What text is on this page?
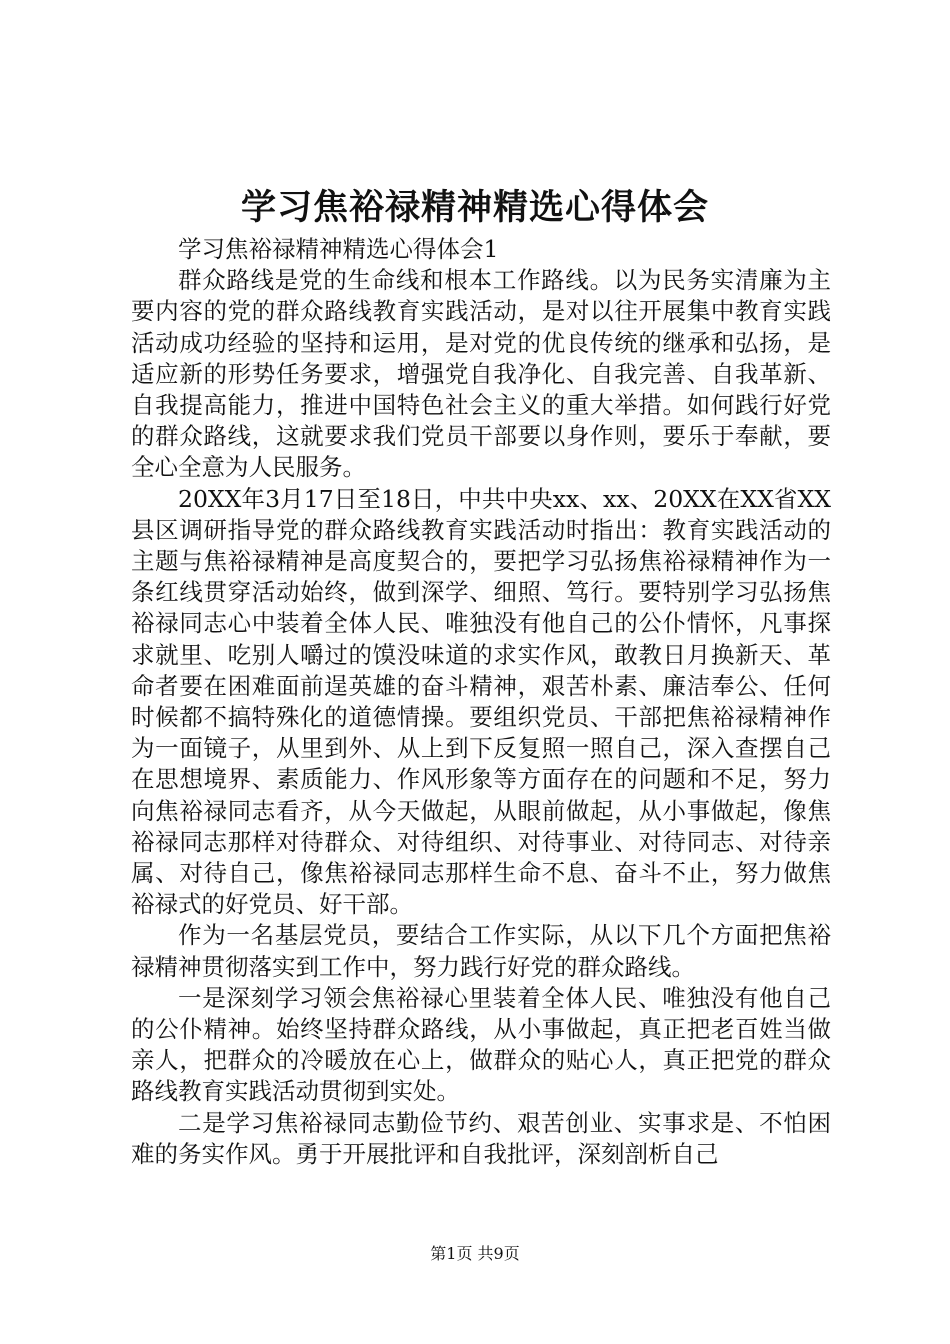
学习焦裕禄精神精选心得体会

学习焦裕禄精神精选心得体会1

群众路线是党的生命线和根本工作路线。以为民务实清廉为主要内容的党的群众路线教育实践活动，是对以往开展集中教育实践活动成功经验的坚持和运用，是对党的优良传统的继承和弘扬，是适应新的形势任务要求，增强党自我净化、自我完善、自我革新、自我提高能力，推进中国特色社会主义的重大举措。如何践行好党的群众路线，这就要求我们党员干部要以身作则，要乐于奉献，要全心全意为人民服务。

20XX年3月17日至18日，中共中央xx、xx、20XX在XX省XX县区调研指导党的群众路线教育实践活动时指出：教育实践活动的主题与焦裕禄精神是高度契合的，要把学习弘扬焦裕禄精神作为一条红线贯穿活动始终，做到深学、细照、笃行。要特别学习弘扬焦裕禄同志心中装着全体人民、唯独没有他自己的公仆情怀，凡事探求就里、吃别人嚼过的馍没味道的求实作风，敢教日月换新天、革命者要在困难面前逞英雄的奋斗精神，艰苦朴素、廉洁奉公、任何时候都不搞特殊化的道德情操。要组织党员、干部把焦裕禄精神作为一面镜子，从里到外、从上到下反复照一照自己，深入查摆自己在思想境界、素质能力、作风形象等方面存在的问题和不足，努力向焦裕禄同志看齐，从今天做起，从眼前做起，从小事做起，像焦裕禄同志那样对待群众、对待组织、对待事业、对待同志、对待亲属、对待自己，像焦裕禄同志那样生命不息、奋斗不止，努力做焦裕禄式的好党员、好干部。

作为一名基层党员，要结合工作实际，从以下几个方面把焦裕禄精神贯彻落实到工作中，努力践行好党的群众路线。

一是深刻学习领会焦裕禄心里装着全体人民、唯独没有他自己的公仆精神。始终坚持群众路线，从小事做起，真正把老百姓当做亲人，把群众的冷暖放在心上，做群众的贴心人，真正把党的群众路线教育实践活动贯彻到实处。

二是学习焦裕禄同志勤俭节约、艰苦创业、实事求是、不怕困难的务实作风。勇于开展批评和自我批评，深刻剖析自己

第1页 共9页
